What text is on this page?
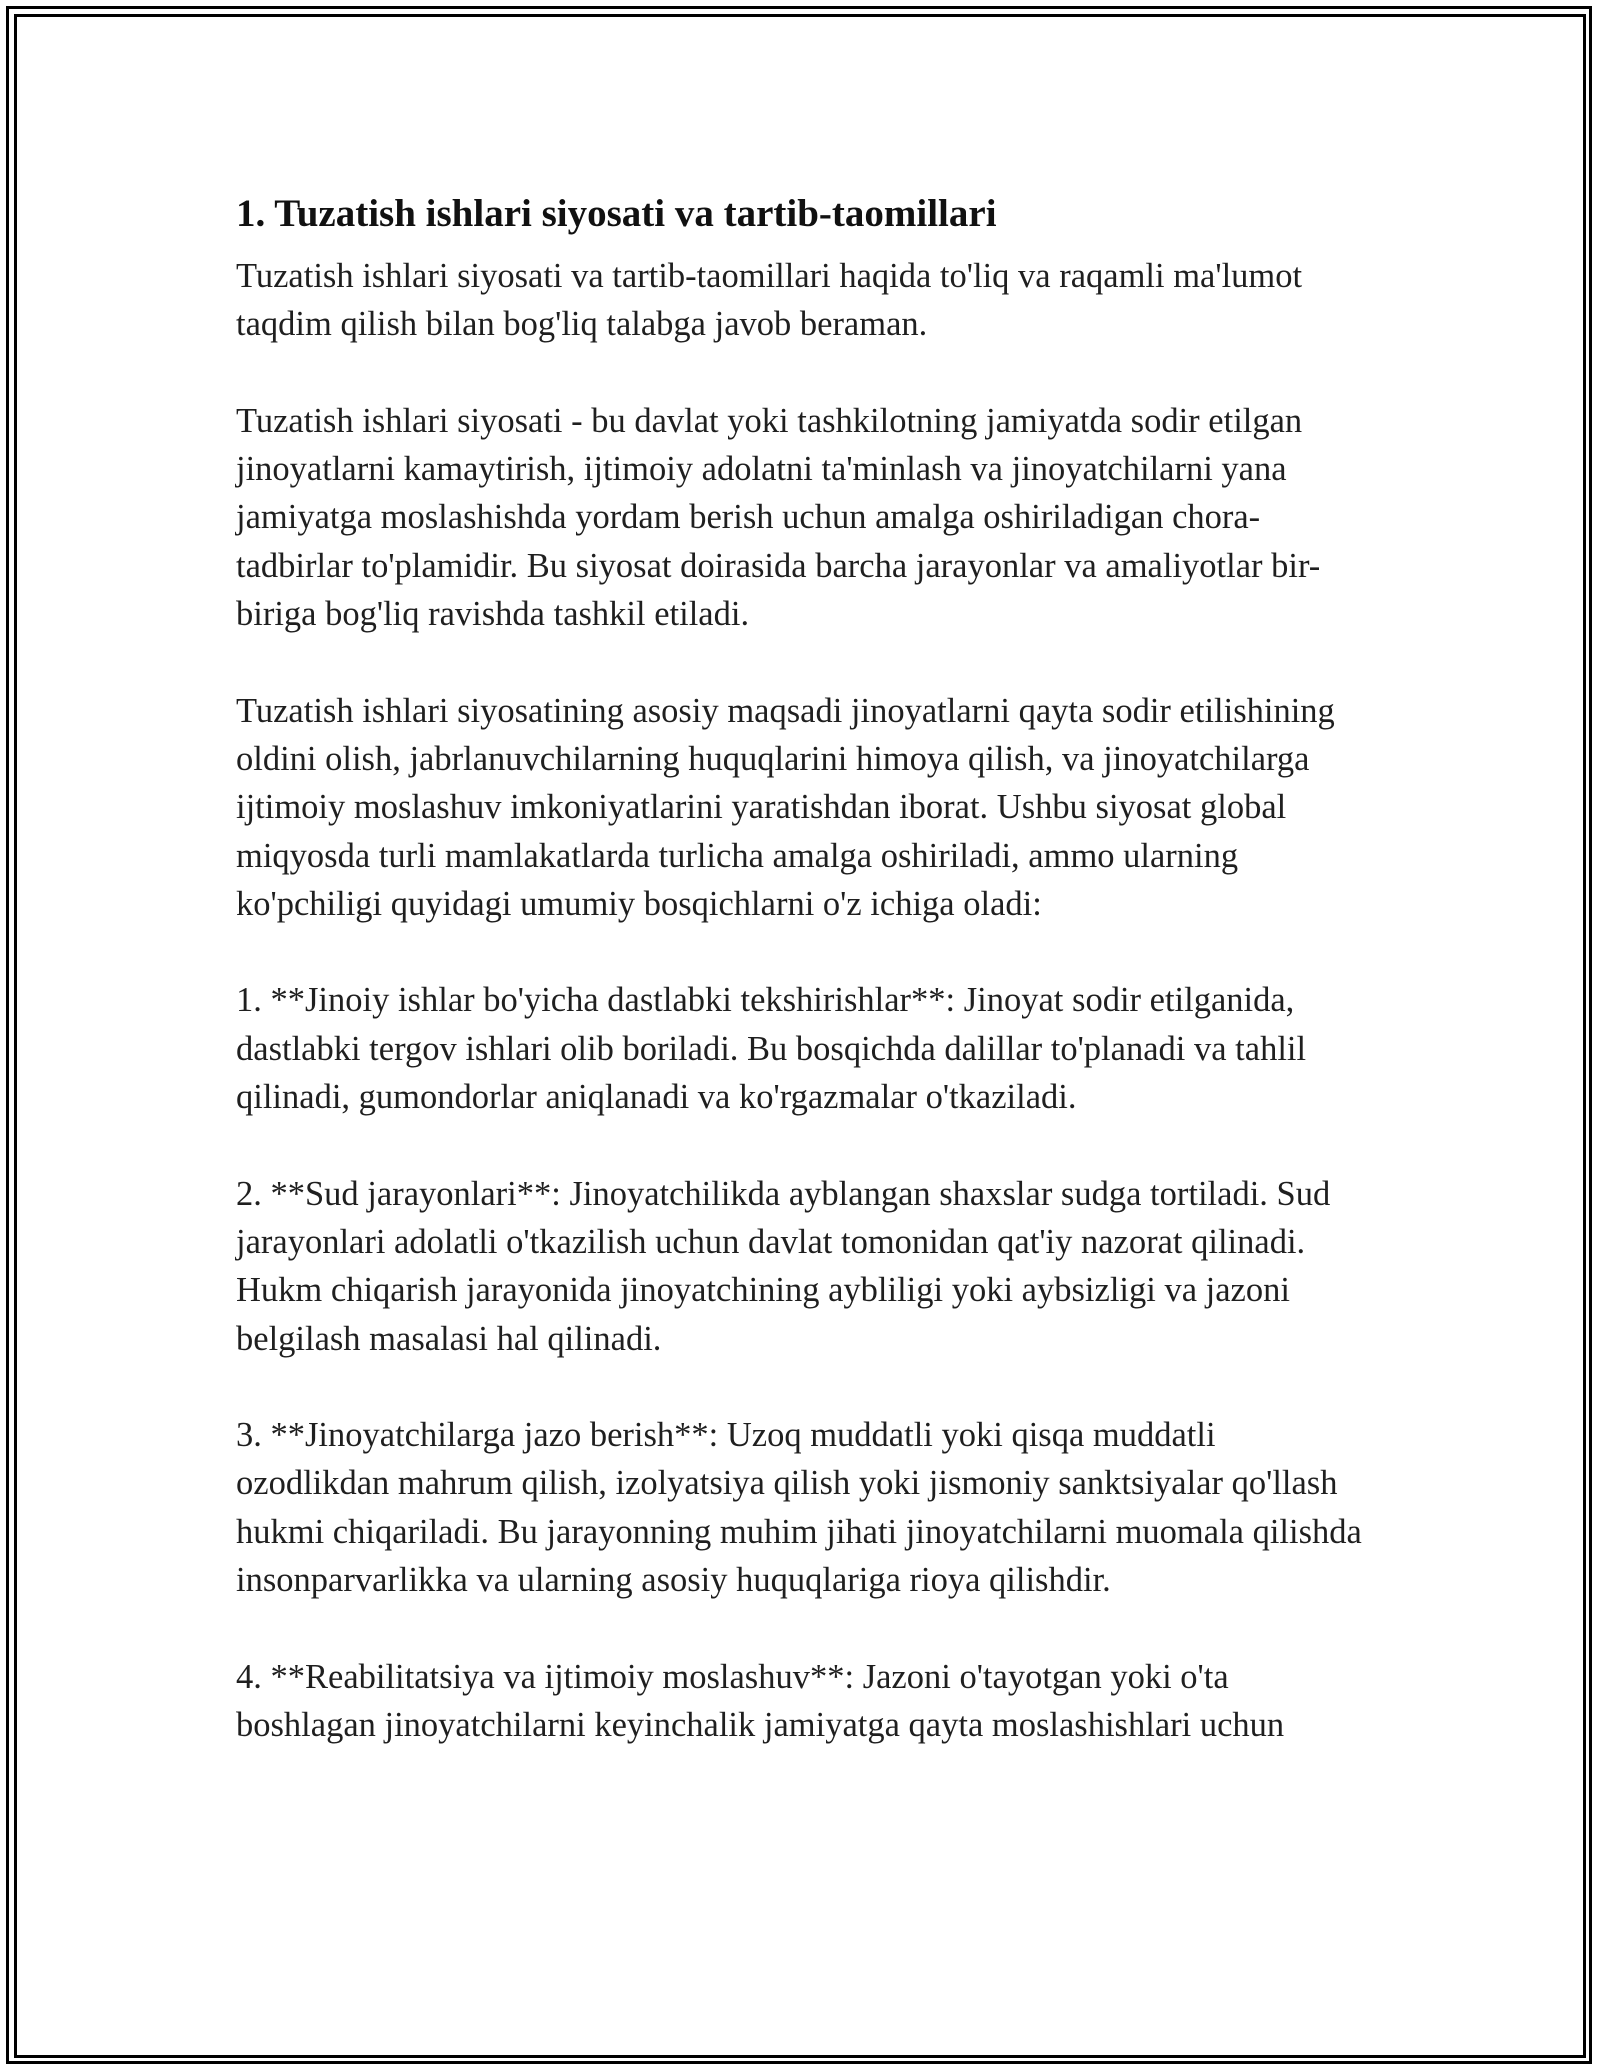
1. Tuzatish ishlari siyosati va tartib-taomillari

Tuzatish ishlari siyosati va tartib-taomillari haqida to'liq va raqamli ma'lumot taqdim qilish bilan bog'liq talabga javob beraman.

Tuzatish ishlari siyosati - bu davlat yoki tashkilotning jamiyatda sodir etilgan jinoyatlarni kamaytirish, ijtimoiy adolatni ta'minlash va jinoyatchilarni yana jamiyatga moslashishda yordam berish uchun amalga oshiriladigan chora-tadbirlar to'plamidir. Bu siyosat doirasida barcha jarayonlar va amaliyotlar bir-biriga bog'liq ravishda tashkil etiladi.

Tuzatish ishlari siyosatining asosiy maqsadi jinoyatlarni qayta sodir etilishining oldini olish, jabrlanuvchilarning huquqlarini himoya qilish, va jinoyatchilarga ijtimoiy moslashuv imkoniyatlarini yaratishdan iborat. Ushbu siyosat global miqyosda turli mamlakatlarda turlicha amalga oshiriladi, ammo ularning ko'pchiligi quyidagi umumiy bosqichlarni o'z ichiga oladi:

1. **Jinoiy ishlar bo'yicha dastlabki tekshirishlar**: Jinoyat sodir etilganida, dastlabki tergov ishlari olib boriladi. Bu bosqichda dalillar to'planadi va tahlil qilinadi, gumondorlar aniqlanadi va ko'rgazmalar o'tkaziladi.

2. **Sud jarayonlari**: Jinoyatchilikda ayblangan shaxslar sudga tortiladi. Sud jarayonlari adolatli o'tkazilish uchun davlat tomonidan qat'iy nazorat qilinadi. Hukm chiqarish jarayonida jinoyatchining aybliligi yoki aybsizligi va jazoni belgilash masalasi hal qilinadi.

3. **Jinoyatchilarga jazo berish**: Uzoq muddatli yoki qisqa muddatli ozodlikdan mahrum qilish, izolyatsiya qilish yoki jismoniy sanktsiyalar qo'llash hukmi chiqariladi. Bu jarayonning muhim jihati jinoyatchilarni muomala qilishda insonparvarlikka va ularning asosiy huquqlariga rioya qilishdir.

4. **Reabilitatsiya va ijtimoiy moslashuv**: Jazoni o'tayotgan yoki o'ta boshlagan jinoyatchilarni keyinchalik jamiyatga qayta moslashishlari uchun
